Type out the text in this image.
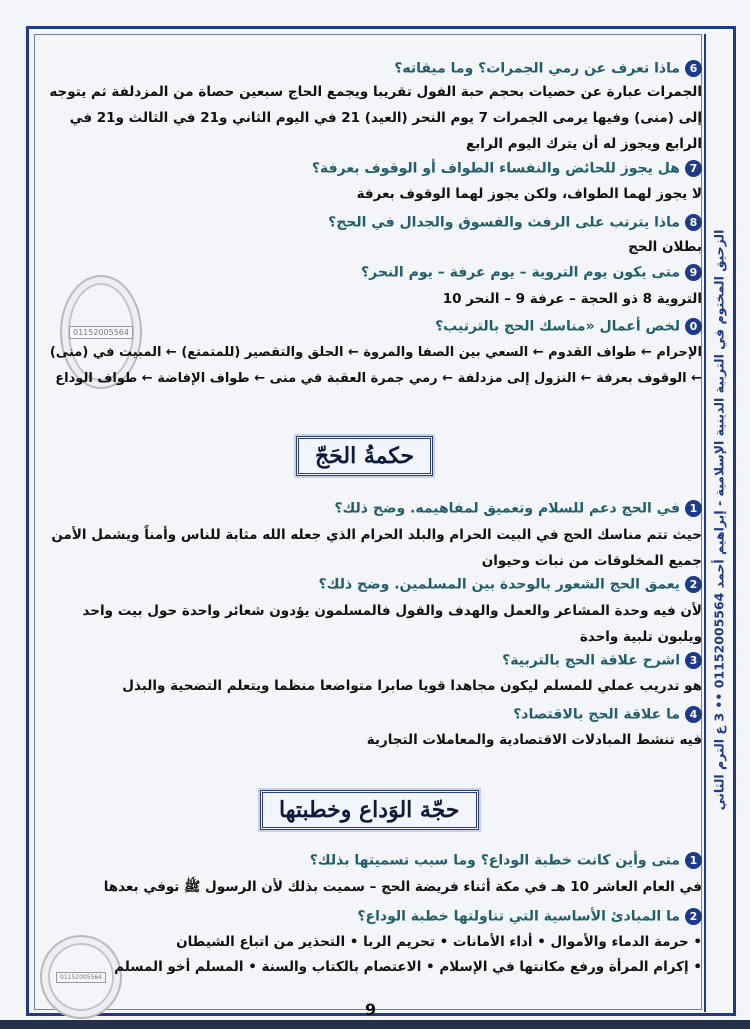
الزحيق المختوم في التربية الدينية الإسلامية - إبراهيم أحمد 01152005564 •• 3 ع الترم الثاني
01152005564
01152005564
6ماذا تعرف عن رمي الجمرات؟ وما ميقاته؟
الجمرات عبارة عن حصيات بحجم حبة الفول تقريبا ويجمع الحاج سبعين حصاة من المزدلفة ثم يتوجه إلى (منى) وفيها يرمى الجمرات 7 يوم النحر (العيد) 21 في اليوم الثاني و21 في الثالث و21 في الرابع ويجوز له أن يترك اليوم الرابع
7هل يجوز للحائض والنفساء الطواف أو الوقوف بعرفة؟
لا يجوز لهما الطواف، ولكن يجوز لهما الوقوف بعرفة
8ماذا يترتب على الرفث والفسوق والجدال في الحج؟
بطلان الحج
9متى يكون يوم التروية – يوم عرفة – يوم النحر؟
التروية 8 ذو الحجة – عرفة 9 – النحر 10
0لخص أعمال «مناسك الحج بالترتيب؟
الإحرام ← طواف القدوم ← السعي بين الصفا والمروة ← الحلق والتقصير (للمتمتع) ← المبيت في (منى) ← الوقوف بعرفة ← النزول إلى مزدلفة ← رمي جمرة العقبة في منى ← طواف الإفاضة ← طواف الوداع
حكمةُ الحَجّ
1في الحج دعم للسلام وتعميق لمفاهيمه. وضح ذلك؟
حيث تتم مناسك الحج في البيت الحرام والبلد الحرام الذي جعله الله مثابة للناس وأمناً ويشمل الأمن جميع المخلوقات من نبات وحيوان
2يعمق الحج الشعور بالوحدة بين المسلمين. وضح ذلك؟
لأن فيه وحدة المشاعر والعمل والهدف والقول فالمسلمون يؤدون شعائر واحدة حول بيت واحد ويلبون تلبية واحدة
3اشرح علاقة الحج بالتربية؟
هو تدريب عملي للمسلم ليكون مجاهدا قويا صابرا متواضعا منظما ويتعلم التضحية والبذل
4ما علاقة الحج بالاقتصاد؟
فيه تنشط المبادلات الاقتصادية والمعاملات التجارية
حجّة الوَداع وخطبتها
1متى وأين كانت خطبة الوداع؟ وما سبب تسميتها بذلك؟
في العام العاشر 10 هـ في مكة أثناء فريضة الحج – سميت بذلك لأن الرسول ﷺ توفي بعدها
2ما المبادئ الأساسية التي تناولتها خطبة الوداع؟
• حرمة الدماء والأموال • أداء الأمانات • تحريم الربا • التحذير من اتباع الشيطان
• إكرام المرأة ورفع مكانتها في الإسلام • الاعتصام بالكتاب والسنة • المسلم أخو المسلم
9
